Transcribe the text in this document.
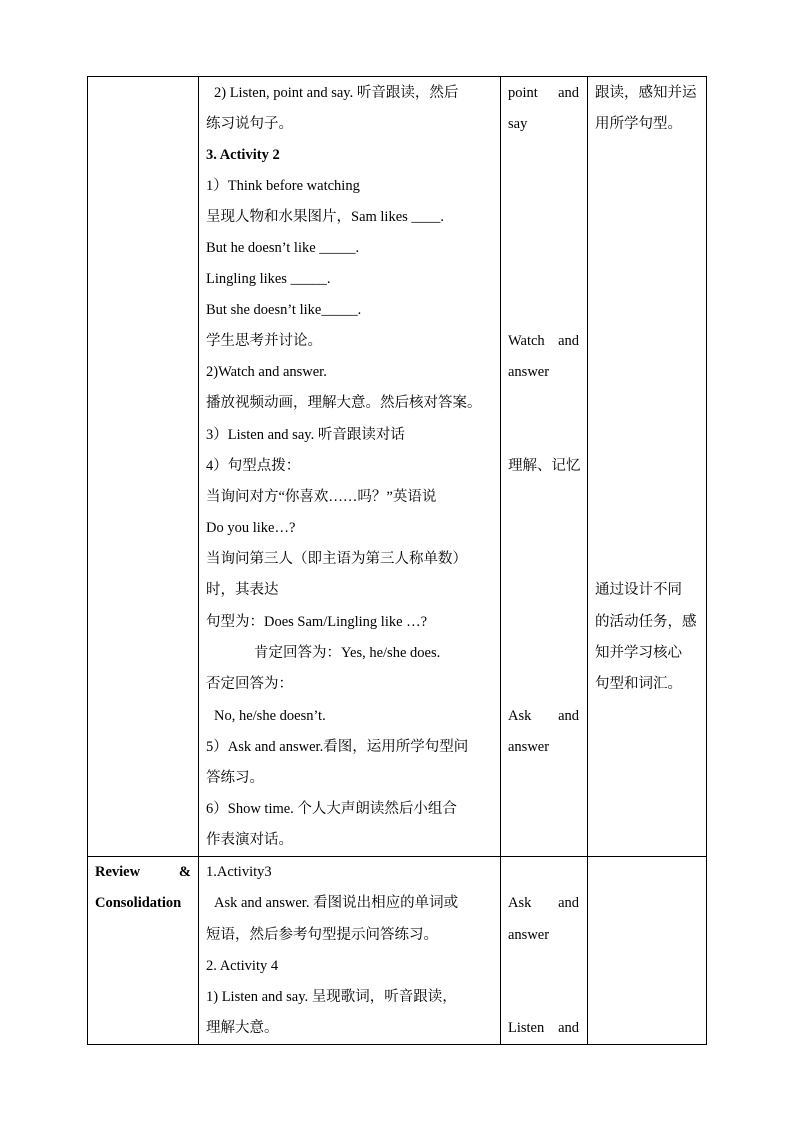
2) Listen, point and say. 听音跟读，然后
练习说句子。
3. Activity 2
1）Think before watching
呈现人物和水果图片，Sam likes ____.
But he doesn’t like _____.
Lingling likes _____.
But she doesn’t like_____.
学生思考并讨论。
2)Watch and answer.
播放视频动画，理解大意。然后核对答案。
3）Listen and say. 听音跟读对话
4）句型点拨：
当询问对方“你喜欢……吗？”英语说
Do you like…?
当询问第三人（即主语为第三人称单数）
时，其表达
句型为：Does Sam/Lingling like …?
肯定回答为：Yes, he/she does.
否定回答为：
No, he/she doesn’t.
5）Ask and answer.看图，运用所学句型问
答练习。
6）Show time. 个人大声朗读然后小组合
作表演对话。
1.Activity3
Ask and answer. 看图说出相应的单词或
短语，然后参考句型提示问答练习。
2. Activity 4
1) Listen and say. 呈现歌词，听音跟读，
理解大意。
Review	&
Consolidation
point and
say
Watch and
answer
理解、记忆
Ask and
answer
Ask and
answer
Listen and
跟读，感知并运
用所学句型。
通过设计不同
的活动任务，感
知并学习核心
句型和词汇。
